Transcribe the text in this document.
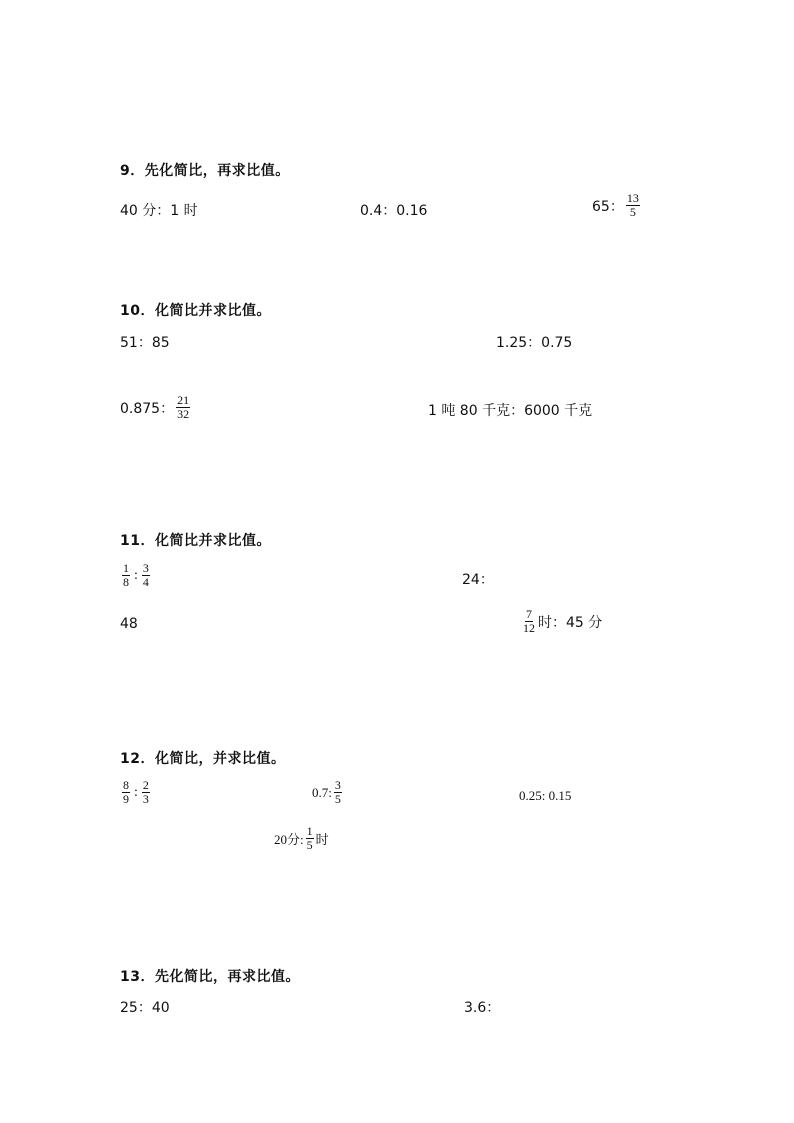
9．先化简比，再求比值。
40 分：1 时	0.4：0.16	65： $\frac{13}{5}$
10．化简比并求比值。
51：85	1.25：0.75
0.875： $\frac{21}{32}$	1 吨 80 千克：6000 千克
11．化简比并求比值。
$\frac{1}{8}$ : $\frac{3}{4}$	24：
48	$\frac{7}{12}$ 时：45 分
12．化简比，并求比值。
$\frac{8}{9}$ : $\frac{2}{3}$	0.7: $\frac{3}{5}$	0.25: 0.15
20分: $\frac{1}{5}$ 时
13．先化简比，再求比值。
25：40	3.6：
